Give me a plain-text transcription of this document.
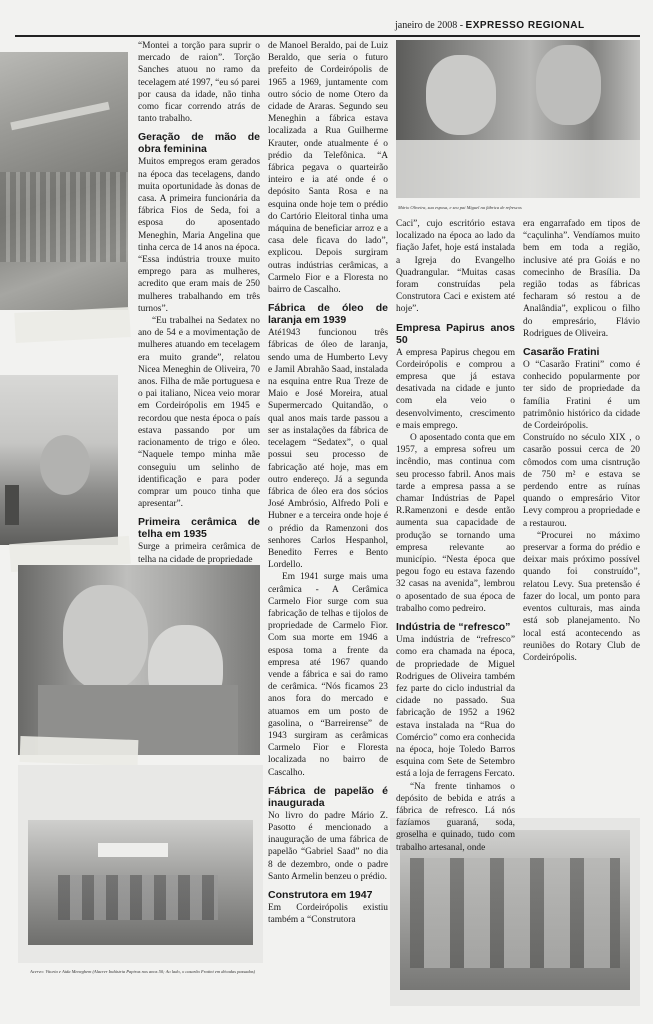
janeiro de 2008 - EXPRESSO REGIONAL
Acervo: Vitoria e Aida Meneghem (Alacrer Indústria Papirus nos anos 50; Ao lado, o casarão Fratini em décadas passadas)
Mário Oliveira, sua esposa, e seu pai Miguel na fábrica de refrescos

“Montei a torção para suprir o mercado de raion”. Torção Sanches atuou no ramo da tecelagem até 1997, “eu só parei por causa da idade, não tinha como ficar correndo atrás de tanto trabalho.

Geração de mão de obra feminina

Muitos empregos eram gerados na época das tecelagens, dando muita oportunidade às donas de casa. A primeira funcionária da fábrica Fios de Seda, foi a esposa do aposentado Meneghin, Maria Angelina que tinha cerca de 14 anos na época. “Essa indústria trouxe muito emprego para as mulheres, acredito que eram mais de 250 mulheres trabalhando em três turnos”.

“Eu trabalhei na Sedatex no ano de 54 e a movimentação de mulheres atuando em tecelagem era muito grande”, relatou Nicea Meneghin de Oliveira, 70 anos. Filha de mãe portuguesa e o pai italiano, Nicea veio morar em Cordeirópolis em 1945 e recordou que nesta época o país estava passando por um racionamento de trigo e óleo. “Naquele tempo minha mãe conseguiu um selinho de identificação e para poder comprar um pouco tinha que apresentar”.

Primeira cerâmica de telha em 1935

Surge a primeira cerâmica de telha na cidade de propriedade

de Manoel Beraldo, pai de Luiz Beraldo, que seria o futuro prefeito de Cordeirópolis de 1965 a 1969, juntamente com outro sócio de nome Otero da cidade de Araras. Segundo seu Meneghin a fábrica estava localizada a Rua Guilherme Krauter, onde atualmente é o prédio da Telefônica. “A fábrica pegava o quarteirão inteiro e ia até onde é o depósito Santa Rosa e na esquina onde hoje tem o prédio do Cartório Eleitoral tinha uma máquina de beneficiar arroz e a casa dele ficava do lado”, explicou. Depois surgiram outras indústrias cerâmicas, a Carmelo Fior e a Floresta no bairro de Cascalho.

Fábrica de óleo de laranja em 1939

Até1943 funcionou três fábricas de óleo de laranja, sendo uma de Humberto Levy e Jamil Abrahão Saad, instalada na esquina entre Rua Treze de Maio e José Moreira, atual Supermercado Quitandão, o qual anos mais tarde passou a ser as instalações da fábrica de tecelagem “Sedatex”, o qual possui seu processo de fabricação até hoje, mas em outro endereço. Já a segunda fábrica de óleo era dos sócios José Ambrósio, Alfredo Poli e Hubner e a terceira onde hoje é o prédio da Ramenzoni dos senhores Carlos Hespanhol, Benedito Ferres e Bento Lordello.

Em 1941 surge mais uma cerâmica - A Cerâmica Carmelo Fior surge com sua fabricação de telhas e tijolos de propriedade de Carmelo Fior. Com sua morte em 1946 a esposa toma a frente da empresa até 1967 quando vende a fábrica e sai do ramo de cerâmica. “Nós ficamos 23 anos fora do mercado e atuamos em um posto de gasolina, o “Barreirense” de 1943 surgiram as cerâmicas Carmelo Fior e Floresta localizada no bairro de Cascalho.

Fábrica de papelão é inaugurada

No livro do padre Mário Z. Pasotto é mencionado a inauguração de uma fábrica de papelão “Gabriel Saad” no dia 8 de dezembro, onde o padre Santo Armelin benzeu o prédio.

Construtora em 1947

Em Cordeirópolis existiu também a “Construtora

Caci”, cujo escritório estava localizado na época ao lado da fiação Jafet, hoje está instalada a Igreja do Evangelho Quadrangular. “Muitas casas foram construídas pela Construtora Caci e existem até hoje”.

Empresa Papirus anos 50

A empresa Papirus chegou em Cordeirópolis e comprou a empresa que já estava desativada na cidade e junto com ela veio o desenvolvimento, crescimento e mais emprego.

O aposentado conta que em 1957, a empresa sofreu um incêndio, mas continua com seu processo fabril. Anos mais tarde a empresa passa a se chamar Indústrias de Papel R.Ramenzoni e desde então aumenta sua capacidade de produção se tornando uma empresa relevante ao município. “Nesta época que pegou fogo eu estava fazendo 32 casas na avenida”, lembrou o aposentado de sua época de trabalho como pedreiro.

Indústria de “refresco”

Uma indústria de “refresco” como era chamada na época, de propriedade de Miguel Rodrigues de Oliveira também fez parte do ciclo industrial da cidade no passado. Sua fabricação de 1952 a 1962 estava instalada na “Rua do Comércio” como era conhecida na época, hoje Toledo Barros esquina com Sete de Setembro está a loja de ferragens Fercato.

“Na frente tinhamos o depósito de bebida e atrás a fábrica de refresco. Lá nós fazíamos guaraná, soda, groselha e quinado, tudo com trabalho artesanal, onde

era engarrafado em tipos de “caçulinha”. Vendíamos muito bem em toda a região, inclusive até pra Goiás e no comecinho de Brasília. Da região todas as fábricas fecharam só restou a de Analândia”, explicou o filho do empresário, Flávio Rodrigues de Oliveira.

Casarão Fratini

O “Casarão Fratini” como é conhecido popularmente por ter sido de propriedade da família Fratini é um patrimônio histórico da cidade de Cordeirópolis.

Construído no século XIX , o casarão possui cerca de 20 cômodos com uma cisntrução de 750 m² e estava se perdendo entre as ruínas quando o empresário Vitor Levy comprou a propriedade e a restaurou.

“Procurei no máximo preservar a forma do prédio e deixar mais próximo possível quando foi construído”, relatou Levy. Sua pretensão é fazer do local, um ponto para eventos culturais, mas ainda está sob planejamento. No local está acontecendo as reuniões do Rotary Club de Cordeirópolis.
